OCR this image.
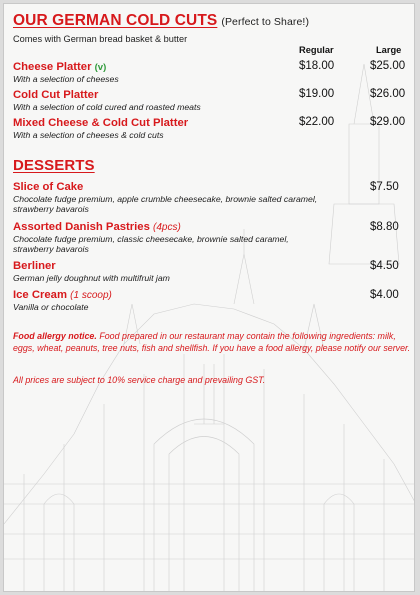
OUR GERMAN COLD CUTS (Perfect to Share!)
Comes with German bread basket & butter
Regular	Large
Cheese Platter (v)
With a selection of cheeses
$18.00	$25.00
Cold Cut Platter
With a selection of cold cured and roasted meats
$19.00	$26.00
Mixed Cheese & Cold Cut Platter
With a selection of cheeses & cold cuts
$22.00	$29.00
DESSERTS
Slice of Cake
Chocolate fudge premium, apple crumble cheesecake, brownie salted caramel,
strawberry bavarois
$7.50
Assorted Danish Pastries (4pcs)
Chocolate fudge premium, classic cheesecake, brownie salted caramel,
strawberry bavarois
$8.80
Berliner
German jelly doughnut with multifruit jam
$4.50
Ice Cream (1 scoop)
Vanilla or chocolate
$4.00
Food allergy notice. Food prepared in our restaurant may contain the following ingredients: milk, eggs, wheat, peanuts, tree nuts, fish and shellfish. If you have a food allergy, please notify our server.
All prices are subject to 10% service charge and prevailing GST.
